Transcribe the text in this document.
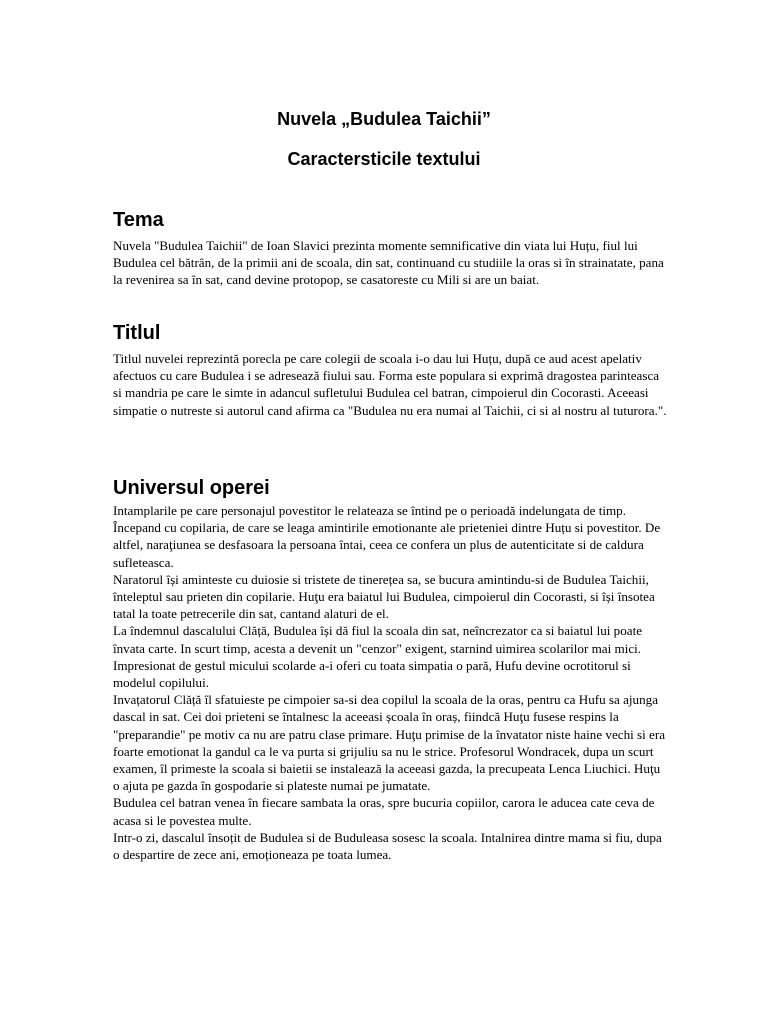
Nuvela „Budulea Taichii”
Caractersticile textului
Tema

Nuvela "Budulea Taichii" de Ioan Slavici prezinta momente semnificative din viata lui Huțu, fiul lui Budulea cel bătrân, de la primii ani de scoala, din sat, continuand cu studiile la oras si în strainatate, pana la revenirea sa în sat, cand devine protopop, se casatoreste cu Mili si are un baiat.

Titlul

Titlul nuvelei reprezintă porecla pe care colegii de scoala i-o dau lui Huțu, după ce aud acest apelativ afectuos cu care Budulea i se adresează fiului sau. Forma este populara si exprimă dragostea parinteasca si mandria pe care le simte in adancul sufletului Budulea cel batran, cimpoierul din Cocorasti. Aceeasi simpatie o nutreste si autorul cand afirma ca "Budulea nu era numai al Taichii, ci si al nostru al tuturora.".

Universul operei

Intamplarile pe care personajul povestitor le relateaza se întind pe o perioadă indelungata de timp. Începand cu copilaria, de care se leaga amintirile emotionante ale prieteniei dintre Huțu si povestitor. De altfel, naraţiunea se desfasoara la persoana întai, ceea ce confera un plus de autenticitate si de caldura sufleteasca.

Naratorul își aminteste cu duiosie si tristete de tinerețea sa, se bucura amintindu-si de Budulea Taichii, înteleptul sau prieten din copilarie. Huţu era baiatul lui Budulea, cimpoierul din Cocorasti, si își însotea tatal la toate petrecerile din sat, cantand alaturi de el.

La îndemnul dascalului Clăță, Budulea își dă fiul la scoala din sat, neîncrezator ca si baiatul lui poate învata carte. In scurt timp, acesta a devenit un "cenzor" exigent, starnind uimirea scolarilor mai mici. Impresionat de gestul micului scolarde a-i oferi cu toata simpatia o pară, Hufu devine ocrotitorul si modelul copilului.

Invațatorul Clăță îl sfatuieste pe cimpoier sa-si dea copilul la scoala de la oras, pentru ca Hufu sa ajunga dascal in sat. Cei doi prieteni se întalnesc la aceeasi școala în oraș, fiindcă Huţu fusese respins la "preparandie" pe motiv ca nu are patru clase primare. Huţu primise de la învatator niste haine vechi si era foarte emotionat la gandul ca le va purta si grijuliu sa nu le strice. Profesorul Wondracek, dupa un scurt examen, îl primeste la scoala si baietii se instalează la aceeasi gazda, la precupeata Lenca Liuchici. Huţu o ajuta pe gazda în gospodarie si plateste numai pe jumatate.

Budulea cel batran venea în fiecare sambata la oras, spre bucuria copiilor, carora le aducea cate ceva de acasa si le povestea multe.

Intr-o zi, dascalul însoțit de Budulea si de Buduleasa sosesc la scoala. Intalnirea dintre mama si fiu, dupa o despartire de zece ani, emoționeaza pe toata lumea.
